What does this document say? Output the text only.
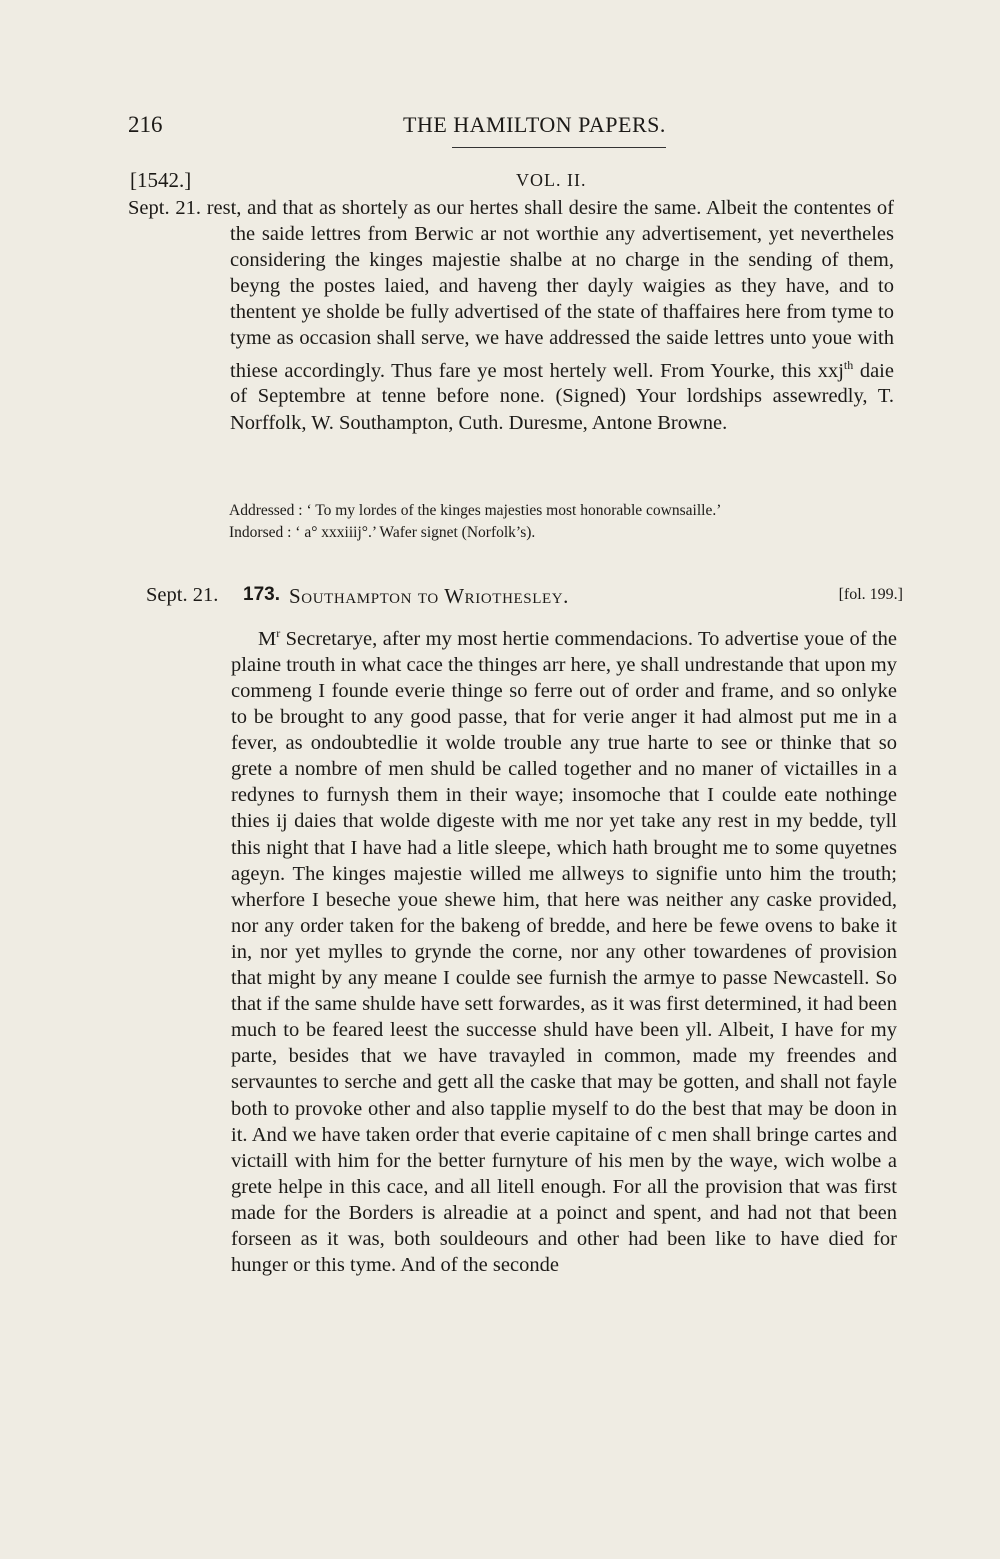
216	THE HAMILTON PAPERS.
[1542.]	VOL. II.
Sept. 21. rest, and that as shortely as our hertes shall desire the same. Albeit the contentes of the saide lettres from Berwic ar not worthie any advertisement, yet nevertheles considering the kinges majestie shalbe at no charge in the sending of them, beyng the postes laied, and haveng ther dayly waigies as they have, and to thentent ye sholde be fully advertised of the state of thaffaires here from tyme to tyme as occasion shall serve, we have addressed the saide lettres unto youe with thiese accordingly. Thus fare ye most hertely well. From Yourke, this xxj$^{th}$ daie of Septembre at tenne before none. (Signed) Your lordships assewredly, T. Norffolk, W. Southampton, Cuth. Duresme, Antone Browne.
Addressed : ‘ To my lordes of the kinges majesties most honorable cownsaille.’
Indorsed : ‘ a° xxxiiij°.’ Wafer signet (Norfolk’s).
Sept. 21. 173. Southampton to Wriothesley.	[fol. 199.]
$M^r$ Secretarye, after my most hertie commendacions. To advertise youe of the plaine trouth in what cace the thinges arr here, ye shall undrestande that upon my commeng I founde everie thinge so ferre out of order and frame, and so onlyke to be brought to any good passe, that for verie anger it had almost put me in a fever, as ondoubtedlie it wolde trouble any true harte to see or thinke that so grete a nombre of men shuld be called together and no maner of victailles in a redynes to furnysh them in their waye; insomoche that I coulde eate nothinge thies ij daies that wolde digeste with me nor yet take any rest in my bedde, tyll this night that I have had a litle sleepe, which hath brought me to some quyetnes ageyn. The kinges majestie willed me allweys to signifie unto him the trouth; wherfore I beseche youe shewe him, that here was neither any caske provided, nor any order taken for the bakeng of bredde, and here be fewe ovens to bake it in, nor yet mylles to grynde the corne, nor any other towardenes of provision that might by any meane I coulde see furnish the armye to passe Newcastell. So that if the same shulde have sett forwardes, as it was first determined, it had been much to be feared leest the successe shuld have been yll. Albeit, I have for my parte, besides that we have travayled in common, made my freendes and servauntes to serche and gett all the caske that may be gotten, and shall not fayle both to provoke other and also tapplie myself to do the best that may be doon in it. And we have taken order that everie capitaine of c men shall bringe cartes and victaill with him for the better furnyture of his men by the waye, wich wolbe a grete helpe in this cace, and all litell enough. For all the provision that was first made for the Borders is alreadie at a poinct and spent, and had not that been forseen as it was, both souldeours and other had been like to have died for hunger or this tyme. And of the seconde
